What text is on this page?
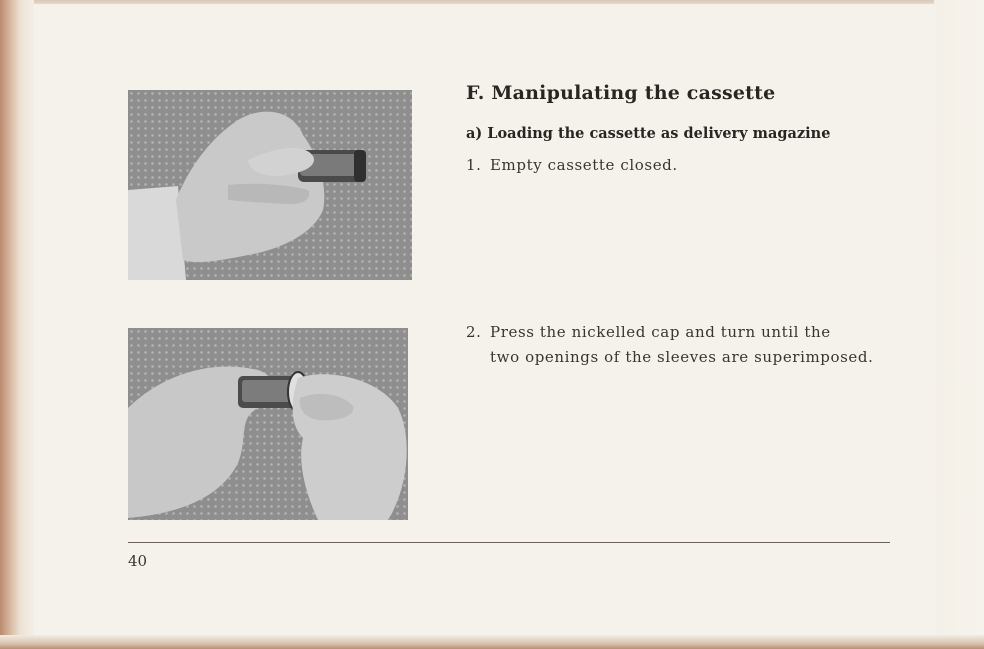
F. Manipulating the cassette
a) Loading the cassette as delivery magazine

1. Empty cassette closed.

2. Press the nickelled cap and turn until the
two openings of the sleeves are superimposed.

40
